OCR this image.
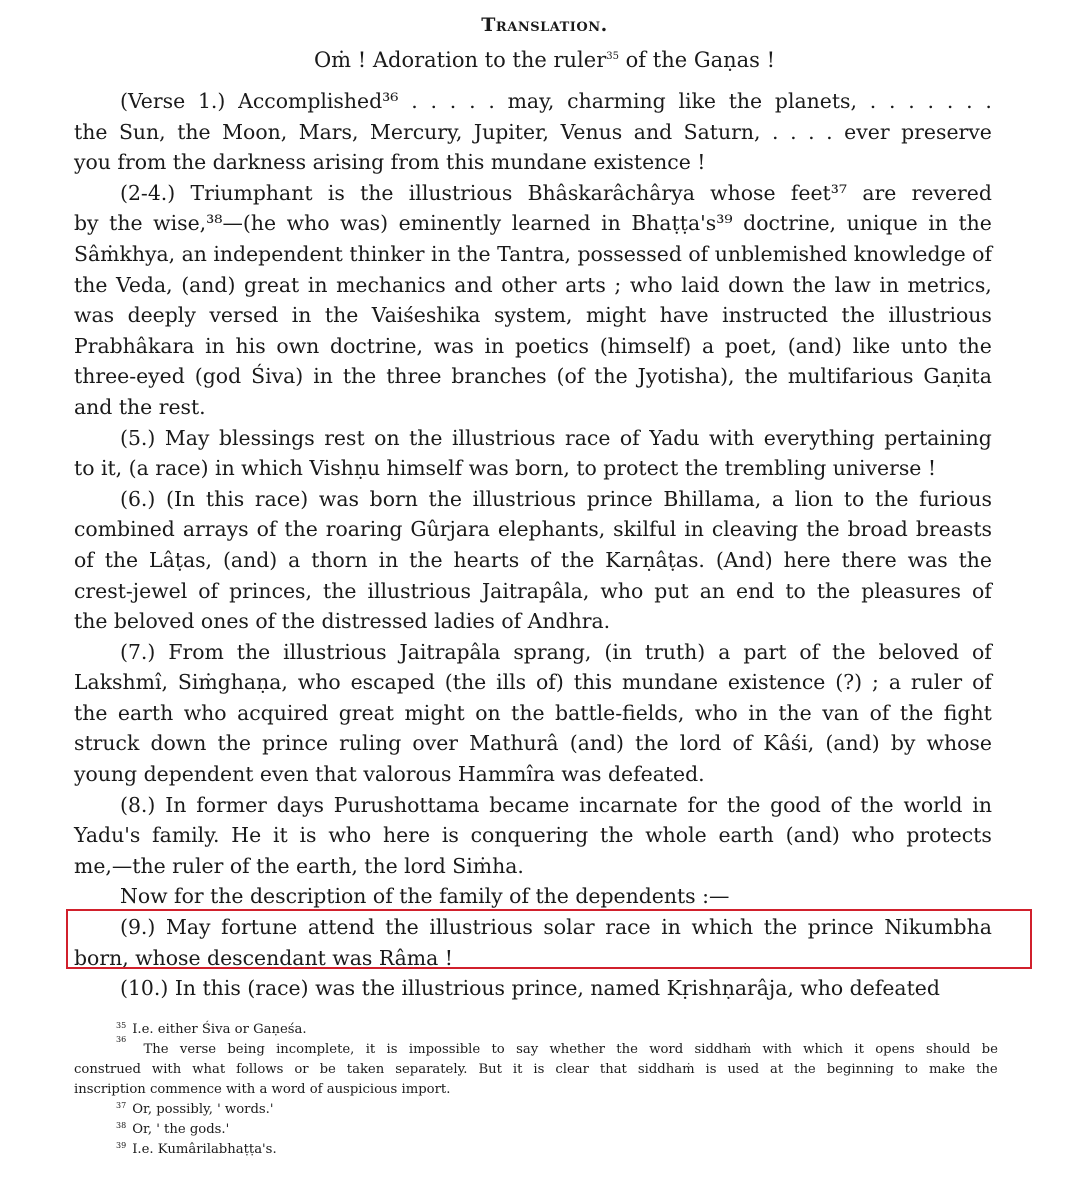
Translation.
Oṁ ! Adoration to the ruler$^{35}$ of the Gaṇas !
(Verse 1.) Accomplished³⁶ . . . . . may, charming like the planets, . . . . . . .
the Sun, the Moon, Mars, Mercury, Jupiter, Venus and Saturn, . . . . ever preserve
you from the darkness arising from this mundane existence !
(2-4.) Triumphant is the illustrious Bhâskarâchârya whose feet³⁷ are revered
by the wise,³⁸—(he who was) eminently learned in Bhaṭṭa's³⁹ doctrine, unique in the
Sâṁkhya, an independent thinker in the Tantra, possessed of unblemished knowledge of
the Veda, (and) great in mechanics and other arts ; who laid down the law in metrics,
was deeply versed in the Vaiśeshika system, might have instructed the illustrious
Prabhâkara in his own doctrine, was in poetics (himself) a poet, (and) like unto the
three-eyed (god Śiva) in the three branches (of the Jyotisha), the multifarious Gaṇita
and the rest.
(5.) May blessings rest on the illustrious race of Yadu with everything pertaining
to it, (a race) in which Vishṇu himself was born, to protect the trembling universe !
(6.) (In this race) was born the illustrious prince Bhillama, a lion to the furious
combined arrays of the roaring Gûrjara elephants, skilful in cleaving the broad breasts
of the Lâṭas, (and) a thorn in the hearts of the Karṇâṭas. (And) here there was the
crest-jewel of princes, the illustrious Jaitrapâla, who put an end to the pleasures of
the beloved ones of the distressed ladies of Andhra.
(7.) From the illustrious Jaitrapâla sprang, (in truth) a part of the beloved of
Lakshmî, Siṁghaṇa, who escaped (the ills of) this mundane existence (?) ; a ruler of
the earth who acquired great might on the battle-fields, who in the van of the fight
struck down the prince ruling over Mathurâ (and) the lord of Kâśi, (and) by whose
young dependent even that valorous Hammîra was defeated.
(8.) In former days Purushottama became incarnate for the good of the world in
Yadu's family. He it is who here is conquering the whole earth (and) who protects
me,—the ruler of the earth, the lord Siṁha.
Now for the description of the family of the dependents :—
(9.) May fortune attend the illustrious solar race in which the prince Nikumbha
born, whose descendant was Râma !
(10.) In this (race) was the illustrious prince, named Kṛishṇarâja, who defeated
$^{35}$ I.e. either Śiva or Gaṇeśa.
36
The verse being incomplete, it is impossible to say whether the word siddhaṁ with which it opens should be
construed with what follows or be taken separately. But it is clear that siddhaṁ is used at the beginning to make the
inscription commence with a word of auspicious import.
$^{37}$ Or, possibly, ' words.'
$^{38}$ Or, ' the gods.'
$^{39}$ I.e. Kumârilabhaṭṭa's.
